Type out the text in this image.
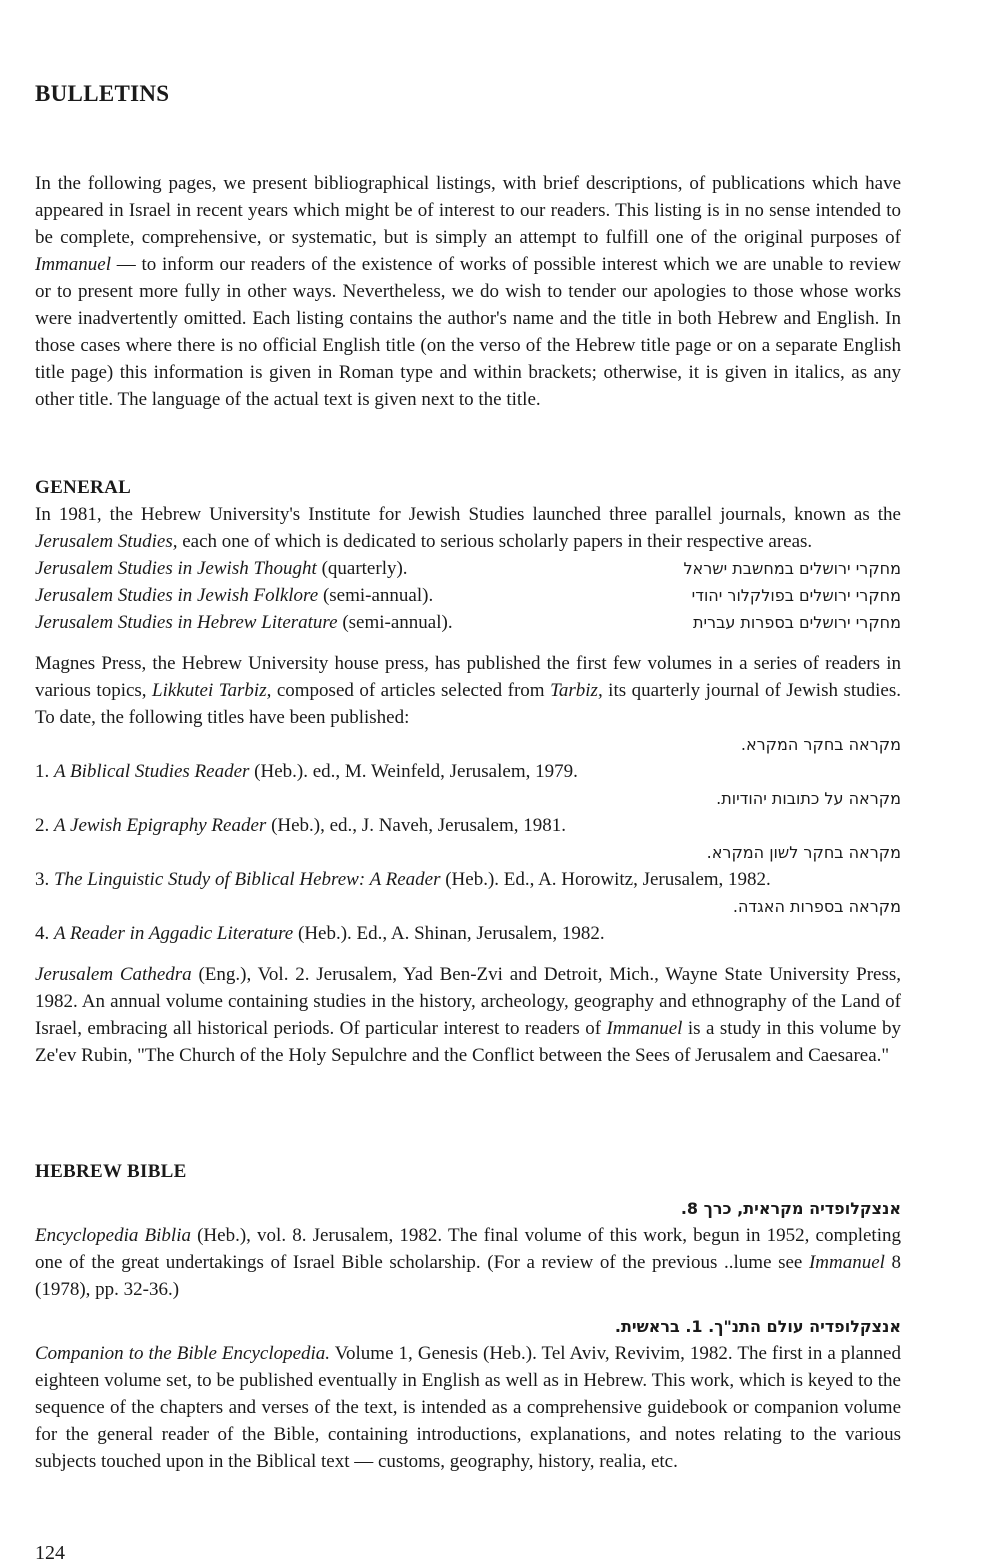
BULLETINS

In the following pages, we present bibliographical listings, with brief descriptions, of publications which have appeared in Israel in recent years which might be of interest to our readers. This listing is in no sense intended to be complete, comprehensive, or systematic, but is simply an attempt to fulfill one of the original purposes of Immanuel — to inform our readers of the existence of works of possible interest which we are unable to review or to present more fully in other ways. Nevertheless, we do wish to tender our apologies to those whose works were inadvertently omitted. Each listing contains the author's name and the title in both Hebrew and English. In those cases where there is no official English title (on the verso of the Hebrew title page or on a separate English title page) this information is given in Roman type and within brackets; otherwise, it is given in italics, as any other title. The language of the actual text is given next to the title.

GENERAL

In 1981, the Hebrew University's Institute for Jewish Studies launched three parallel journals, known as the Jerusalem Studies, each one of which is dedicated to serious scholarly papers in their respective areas.

Jerusalem Studies in Jewish Thought (quarterly).	מחקרי ירושלים במחשבת ישראל
Jerusalem Studies in Jewish Folklore (semi-annual).	מחקרי ירושלים בפולקלור יהודי
Jerusalem Studies in Hebrew Literature (semi-annual).	מחקרי ירושלים בספרות עברית

Magnes Press, the Hebrew University house press, has published the first few volumes in a series of readers in various topics, Likkutei Tarbiz, composed of articles selected from Tarbiz, its quarterly journal of Jewish studies. To date, the following titles have been published:

מקראה בחקר המקרא.
1. A Biblical Studies Reader (Heb.). ed., M. Weinfeld, Jerusalem, 1979.
מקראה על כתובות יהודיות.
2. A Jewish Epigraphy Reader (Heb.), ed., J. Naveh, Jerusalem, 1981.
מקראה בחקר לשון המקרא.
3. The Linguistic Study of Biblical Hebrew: A Reader (Heb.). Ed., A. Horowitz, Jerusalem, 1982.
מקראה בספרות האגדה.
4. A Reader in Aggadic Literature (Heb.). Ed., A. Shinan, Jerusalem, 1982.

Jerusalem Cathedra (Eng.), Vol. 2. Jerusalem, Yad Ben-Zvi and Detroit, Mich., Wayne State University Press, 1982. An annual volume containing studies in the history, archeology, geography and ethnography of the Land of Israel, embracing all historical periods. Of particular interest to readers of Immanuel is a study in this volume by Ze'ev Rubin, "The Church of the Holy Sepulchre and the Conflict between the Sees of Jerusalem and Caesarea."

HEBREW BIBLE
אנצקלופדיה מקראית, כרך 8.

Encyclopedia Biblia (Heb.), vol. 8. Jerusalem, 1982. The final volume of this work, begun in 1952, completing one of the great undertakings of Israel Bible scholarship. (For a review of the previous ..lume see Immanuel 8 (1978), pp. 32-36.)

אנצקלופדיה עולם התנ"ך. 1. בראשית.

Companion to the Bible Encyclopedia. Volume 1, Genesis (Heb.). Tel Aviv, Revivim, 1982. The first in a planned eighteen volume set, to be published eventually in English as well as in Hebrew. This work, which is keyed to the sequence of the chapters and verses of the text, is intended as a comprehensive guidebook or companion volume for the general reader of the Bible, containing introductions, explanations, and notes relating to the various subjects touched upon in the Biblical text — customs, geography, history, realia, etc.

124
